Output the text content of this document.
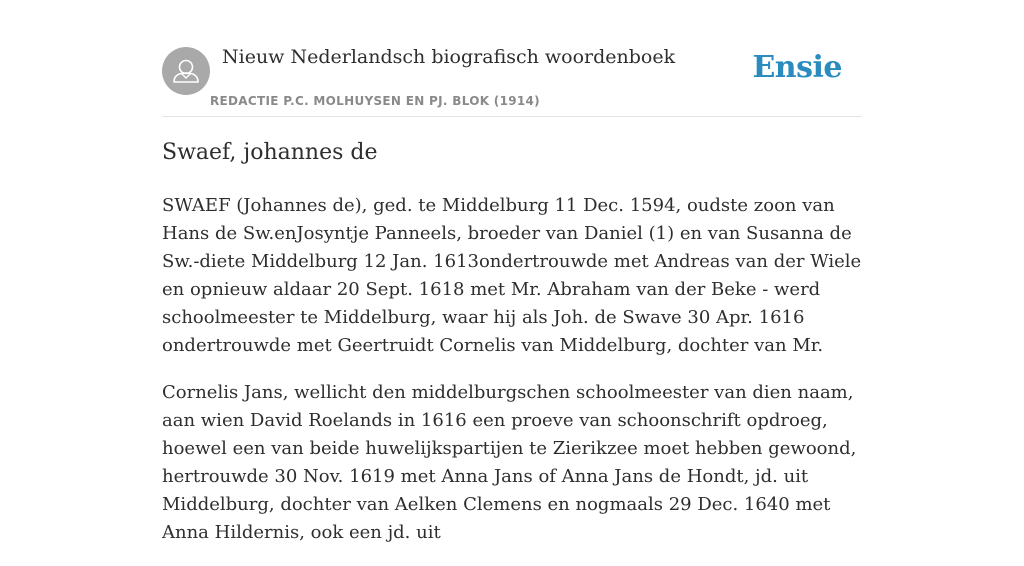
Nieuw Nederlandsch biografisch woordenboek
REDACTIE P.C. MOLHUYSEN EN PJ. BLOK (1914)
Ensie
Swaef, johannes de

SWAEF (Johannes de), ged. te Middelburg 11 Dec. 1594, oudste zoon van Hans de Sw.enJosyntje Panneels, broeder van Daniel (1) en van Susanna de Sw.-diete Middelburg 12 Jan. 1613ondertrouwde met Andreas van der Wiele en opnieuw aldaar 20 Sept. 1618 met Mr. Abraham van der Beke - werd schoolmeester te Middelburg, waar hij als Joh. de Swave 30 Apr. 1616 ondertrouwde met Geertruidt Cornelis van Middelburg, dochter van Mr.

Cornelis Jans, wellicht den middelburgschen schoolmeester van dien naam, aan wien David Roelands in 1616 een proeve van schoonschrift opdroeg, hoewel een van beide huwelijkspartijen te Zierikzee moet hebben gewoond, hertrouwde 30 Nov. 1619 met Anna Jans of Anna Jans de Hondt, jd. uit Middelburg, dochter van Aelken Clemens en nogmaals 29 Dec. 1640 met Anna Hildernis, ook een jd. uit
